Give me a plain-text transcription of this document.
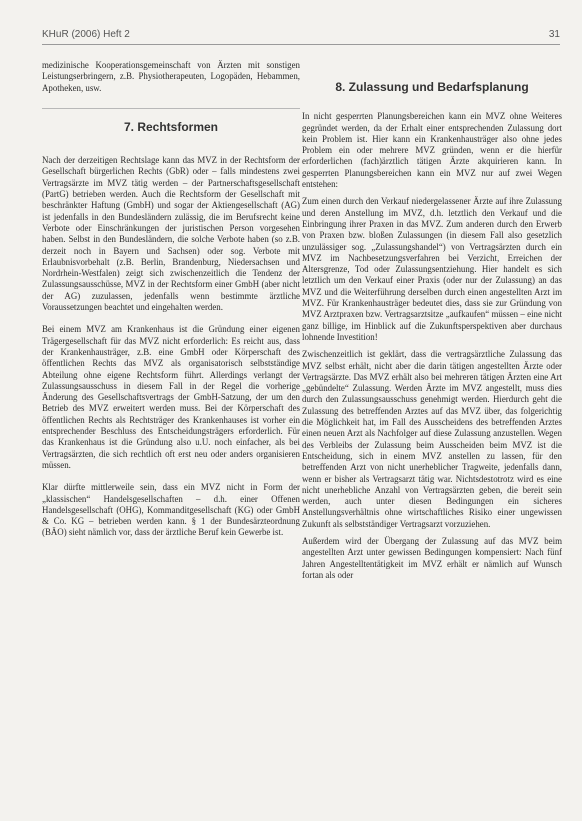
KHuR (2006) Heft 2	31

medizinische Kooperationsgemeinschaft von Ärzten mit sonstigen Leistungserbringern, z.B. Physiotherapeuten, Logopäden, Hebammen, Apotheken, usw.

7. Rechtsformen

Nach der derzeitigen Rechtslage kann das MVZ in der Rechtsform der Gesellschaft bürgerlichen Rechts (GbR) oder – falls mindestens zwei Vertragsärzte im MVZ tätig werden – der Partnerschaftsgesellschaft (PartG) betrieben werden. Auch die Rechtsform der Gesellschaft mit beschränkter Haftung (GmbH) und sogar der Aktiengesellschaft (AG) ist jedenfalls in den Bundesländern zulässig, die im Berufsrecht keine Verbote oder Einschränkungen der juristischen Person vorgesehen haben. Selbst in den Bundesländern, die solche Verbote haben (so z.B. derzeit noch in Bayern und Sachsen) oder sog. Verbote mit Erlaubnisvorbehalt (z.B. Berlin, Brandenburg, Niedersachsen und Nordrhein-Westfalen) zeigt sich zwischenzeitlich die Tendenz der Zulassungsausschüsse, MVZ in der Rechtsform einer GmbH (aber nicht der AG) zuzulassen, jedenfalls wenn bestimmte ärztliche Voraussetzungen beachtet und eingehalten werden.

Bei einem MVZ am Krankenhaus ist die Gründung einer eigenen Trägergesellschaft für das MVZ nicht erforderlich: Es reicht aus, dass der Krankenhausträger, z.B. eine GmbH oder Körperschaft des öffentlichen Rechts das MVZ als organisatorisch selbstständige Abteilung ohne eigene Rechtsform führt. Allerdings verlangt der Zulassungsausschuss in diesem Fall in der Regel die vorherige Änderung des Gesellschaftsvertrags der GmbH-Satzung, der um den Betrieb des MVZ erweitert werden muss. Bei der Körperschaft des öffentlichen Rechts als Rechtsträger des Krankenhauses ist vorher ein entsprechender Beschluss des Entscheidungsträgers erforderlich. Für das Krankenhaus ist die Gründung also u.U. noch einfacher, als bei Vertragsärzten, die sich rechtlich oft erst neu oder anders organisieren müssen.

Klar dürfte mittlerweile sein, dass ein MVZ nicht in Form der „klassischen“ Handelsgesellschaften – d.h. einer Offenen Handelsgesellschaft (OHG), Kommanditgesellschaft (KG) oder GmbH & Co. KG – betrieben werden kann. § 1 der Bundesärzteordnung (BÄO) sieht nämlich vor, dass der ärztliche Beruf kein Gewerbe ist.

8. Zulassung und Bedarfsplanung

In nicht gesperrten Planungsbereichen kann ein MVZ ohne Weiteres gegründet werden, da der Erhalt einer entsprechenden Zulassung dort kein Problem ist. Hier kann ein Krankenhausträger also ohne jedes Problem ein oder mehrere MVZ gründen, wenn er die hierfür erforderlichen (fach)ärztlich tätigen Ärzte akquirieren kann. In gesperrten Planungsbereichen kann ein MVZ nur auf zwei Wegen entstehen:

Zum einen durch den Verkauf niedergelassener Ärzte auf ihre Zulassung und deren Anstellung im MVZ, d.h. letztlich den Verkauf und die Einbringung ihrer Praxen in das MVZ. Zum anderen durch den Erwerb von Praxen bzw. bloßen Zulassungen (in diesem Fall also gesetzlich unzulässiger sog. „Zulassungshandel“) von Vertragsärzten durch ein MVZ im Nachbesetzungsverfahren bei Verzicht, Erreichen der Altersgrenze, Tod oder Zulassungsentziehung. Hier handelt es sich letztlich um den Verkauf einer Praxis (oder nur der Zulassung) an das MVZ und die Weiterführung derselben durch einen angestellten Arzt im MVZ. Für Krankenhausträger bedeutet dies, dass sie zur Gründung von MVZ Arztpraxen bzw. Vertragsarztsitze „aufkaufen“ müssen – eine nicht ganz billige, im Hinblick auf die Zukunftsperspektiven aber durchaus lohnende Investition!

Zwischenzeitlich ist geklärt, dass die vertragsärztliche Zulassung das MVZ selbst erhält, nicht aber die darin tätigen angestellten Ärzte oder Vertragsärzte. Das MVZ erhält also bei mehreren tätigen Ärzten eine Art „gebündelte“ Zulassung. Werden Ärzte im MVZ angestellt, muss dies durch den Zulassungsausschuss genehmigt werden. Hierdurch geht die Zulassung des betreffenden Arztes auf das MVZ über, das folgerichtig die Möglichkeit hat, im Fall des Ausscheidens des betreffenden Arztes einen neuen Arzt als Nachfolger auf diese Zulassung anzustellen. Wegen des Verbleibs der Zulassung beim Ausscheiden beim MVZ ist die Entscheidung, sich in einem MVZ anstellen zu lassen, für den betreffenden Arzt von nicht unerheblicher Tragweite, jedenfalls dann, wenn er bisher als Vertragsarzt tätig war. Nichtsdestotrotz wird es eine nicht unerhebliche Anzahl von Vertragsärzten geben, die bereit sein werden, auch unter diesen Bedingungen ein sicheres Anstellungsverhältnis ohne wirtschaftliches Risiko einer ungewissen Zukunft als selbstständiger Vertragsarzt vorzuziehen.

Außerdem wird der Übergang der Zulassung auf das MVZ beim angestellten Arzt unter gewissen Bedingungen kompensiert: Nach fünf Jahren Angestelltentätigkeit im MVZ erhält er nämlich auf Wunsch fortan als oder
